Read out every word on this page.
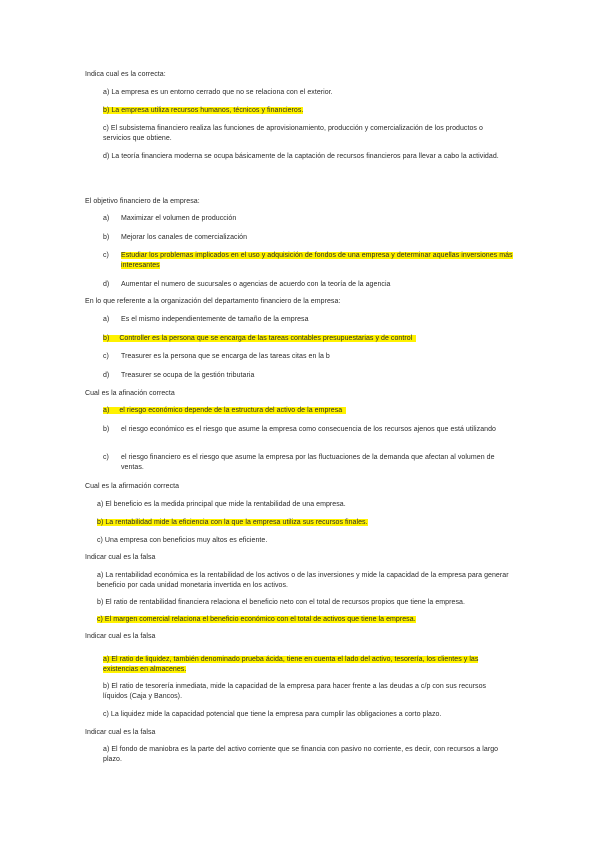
Indica cual es la correcta:
a) La empresa es un entorno cerrado que no se relaciona con el exterior.
b) La empresa utiliza recursos humanos, técnicos y financieros.
c) El subsistema financiero realiza las funciones de aprovisionamiento, producción y comercialización de los productos o servicios que obtiene.
d) La teoría financiera moderna se ocupa básicamente de la captación de recursos financieros para llevar a cabo la actividad.
El objetivo financiero de la empresa:
a) Maximizar el volumen de producción
b) Mejorar los canales de comercialización
c) Estudiar los problemas implicados en el uso y adquisición de fondos de una empresa y determinar aquellas inversiones más interesantes
d) Aumentar el numero de sucursales o agencias de acuerdo con la teoría de la agencia
En lo que referente a la organización del departamento financiero de la empresa:
a) Es el mismo independientemente de tamaño de la empresa
b) Controller es la persona que se encarga de las tareas contables presupuestarias y de control
c) Treasurer es la persona que se encarga de las tareas citas en la b
d) Treasurer se ocupa de la gestión tributaria
Cual es la afinación correcta
a) el riesgo económico depende de la estructura del activo de la empresa
b) el riesgo económico es el riesgo que asume la empresa como consecuencia de los recursos ajenos que está utilizando
c) el riesgo financiero es el riesgo que asume la empresa por las fluctuaciones de la demanda que afectan al volumen de ventas.
Cual es la afirmación correcta
a) El beneficio es la medida principal que mide la rentabilidad de una empresa.
b) La rentabilidad mide la eficiencia con la que la empresa utiliza sus recursos finales.
c) Una empresa con beneficios muy altos es eficiente.
Indicar cual es la falsa
a) La rentabilidad económica es la rentabilidad de los activos o de las inversiones y mide la capacidad de la empresa para generar beneficio por cada unidad monetaria invertida en los activos.
b) El ratio de rentabilidad financiera relaciona el beneficio neto con el total de recursos propios que tiene la empresa.
c) El margen comercial relaciona el beneficio económico con el total de activos que tiene la empresa.
Indicar cual es la falsa
a) El ratio de liquidez, también denominado prueba ácida, tiene en cuenta el lado del activo, tesorería, los clientes y las existencias en almacenes.
b) El ratio de tesorería inmediata, mide la capacidad de la empresa para hacer frente a las deudas a c/p con sus recursos líquidos (Caja y Bancos).
c) La liquidez mide la capacidad potencial que tiene la empresa para cumplir las obligaciones a corto plazo.
Indicar cual es la falsa
a) El fondo de maniobra es la parte del activo corriente que se financia con pasivo no corriente, es decir, con recursos a largo plazo.
